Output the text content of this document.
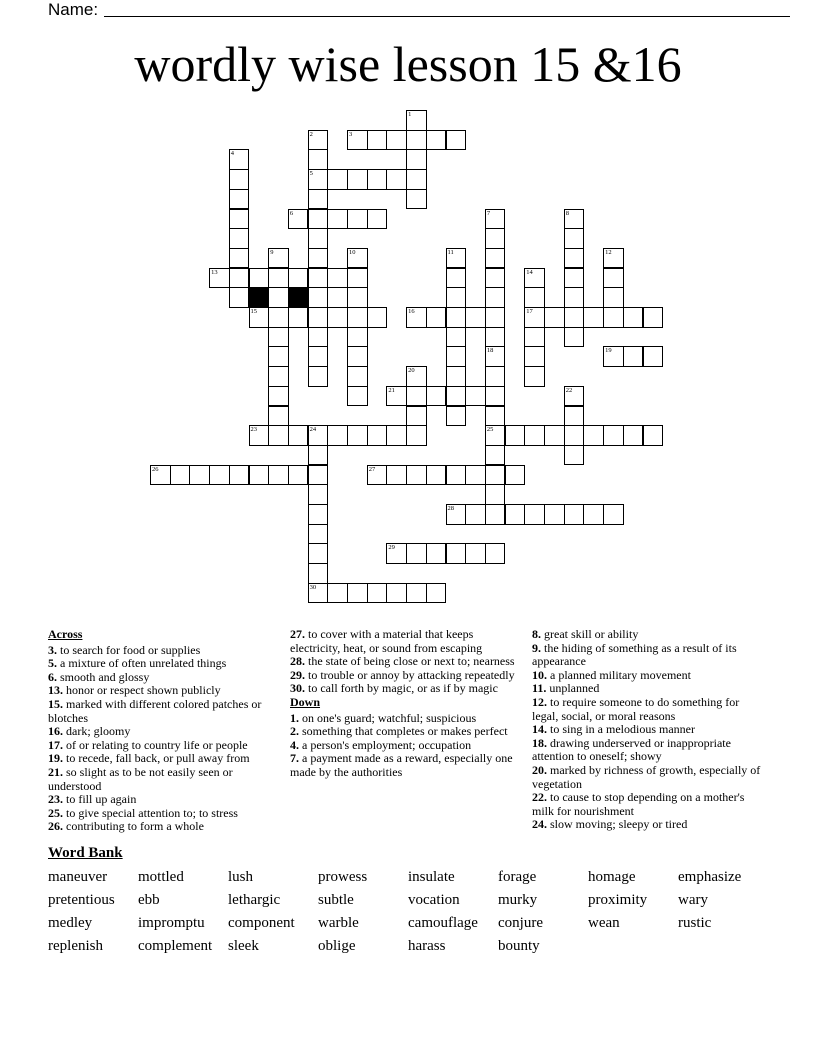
Name:
wordly wise lesson 15 &16
3
5
6
13
15	16	17
19
21
23	24	25
26	27
28
29
30
1
2
4
7
18
8
9	10	11	12
14
20
22

Across

3. to search for food or supplies

5. a mixture of often unrelated things

6. smooth and glossy

13. honor or respect shown publicly

15. marked with different colored patches or blotches

16. dark; gloomy

17. of or relating to country life or people

19. to recede, fall back, or pull away from

21. so slight as to be not easily seen or understood

23. to fill up again

25. to give special attention to; to stress

26. contributing to form a whole

27. to cover with a material that keeps electricity, heat, or sound from escaping

28. the state of being close or next to; nearness

29. to trouble or annoy by attacking repeatedly

30. to call forth by magic, or as if by magic

Down

1. on one's guard; watchful; suspicious

2. something that completes or makes perfect

4. a person's employment; occupation

7. a payment made as a reward, especially one made by the authorities

8. great skill or ability

9. the hiding of something as a result of its appearance

10. a planned military movement

11. unplanned

12. to require someone to do something for legal, social, or moral reasons

14. to sing in a melodious manner

18. drawing underserved or inappropriate attention to oneself; showy

20. marked by richness of growth, especially of vegetation

22. to cause to stop depending on a mother's milk for nourishment

24. slow moving; sleepy or tired

Word Bank
maneuver	mottled	lush	prowess	insulate	forage	homage	emphasize
pretentious	ebb	lethargic	subtle	vocation	murky	proximity	wary
medley	impromptu	component	warble	camouflage	conjure	wean	rustic
replenish	complement	sleek	oblige	harass	bounty
